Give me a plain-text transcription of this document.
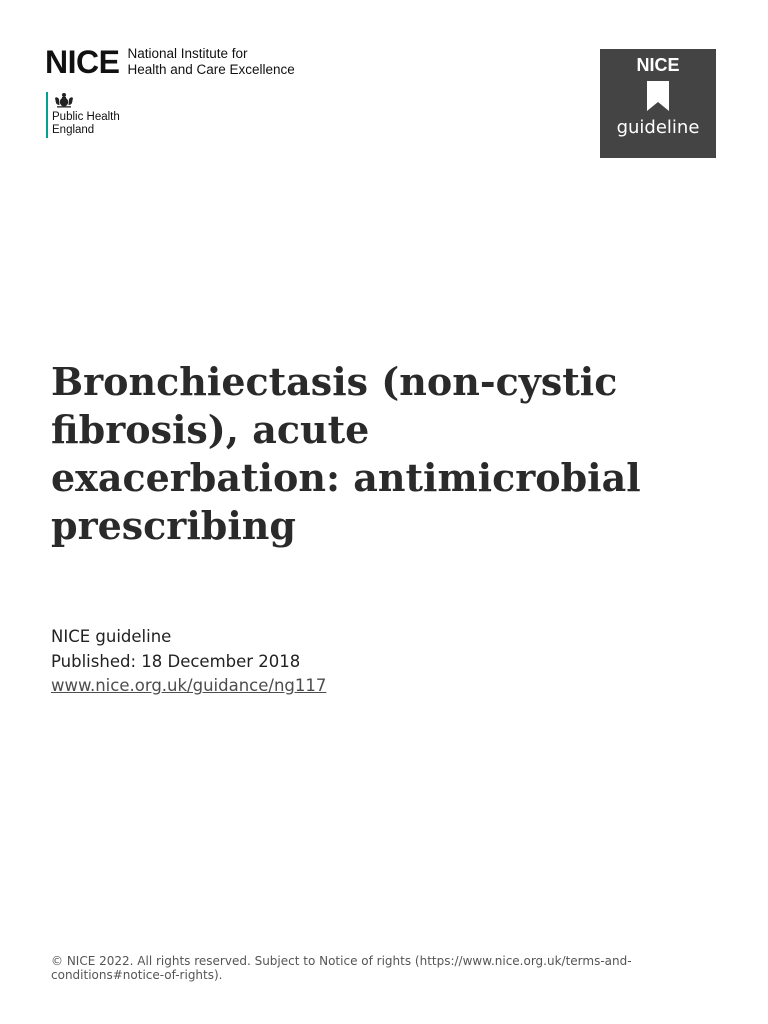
NICE National Institute for
Health and Care Excellence
Public Health
England
NICE
guideline
Bronchiectasis (non-cystic fibrosis), acute exacerbation: antimicrobial prescribing
NICE guideline
Published: 18 December 2018
www.nice.org.uk/guidance/ng117
© NICE 2022. All rights reserved. Subject to Notice of rights (https://www.nice.org.uk/terms-and-conditions#notice-of-rights).
